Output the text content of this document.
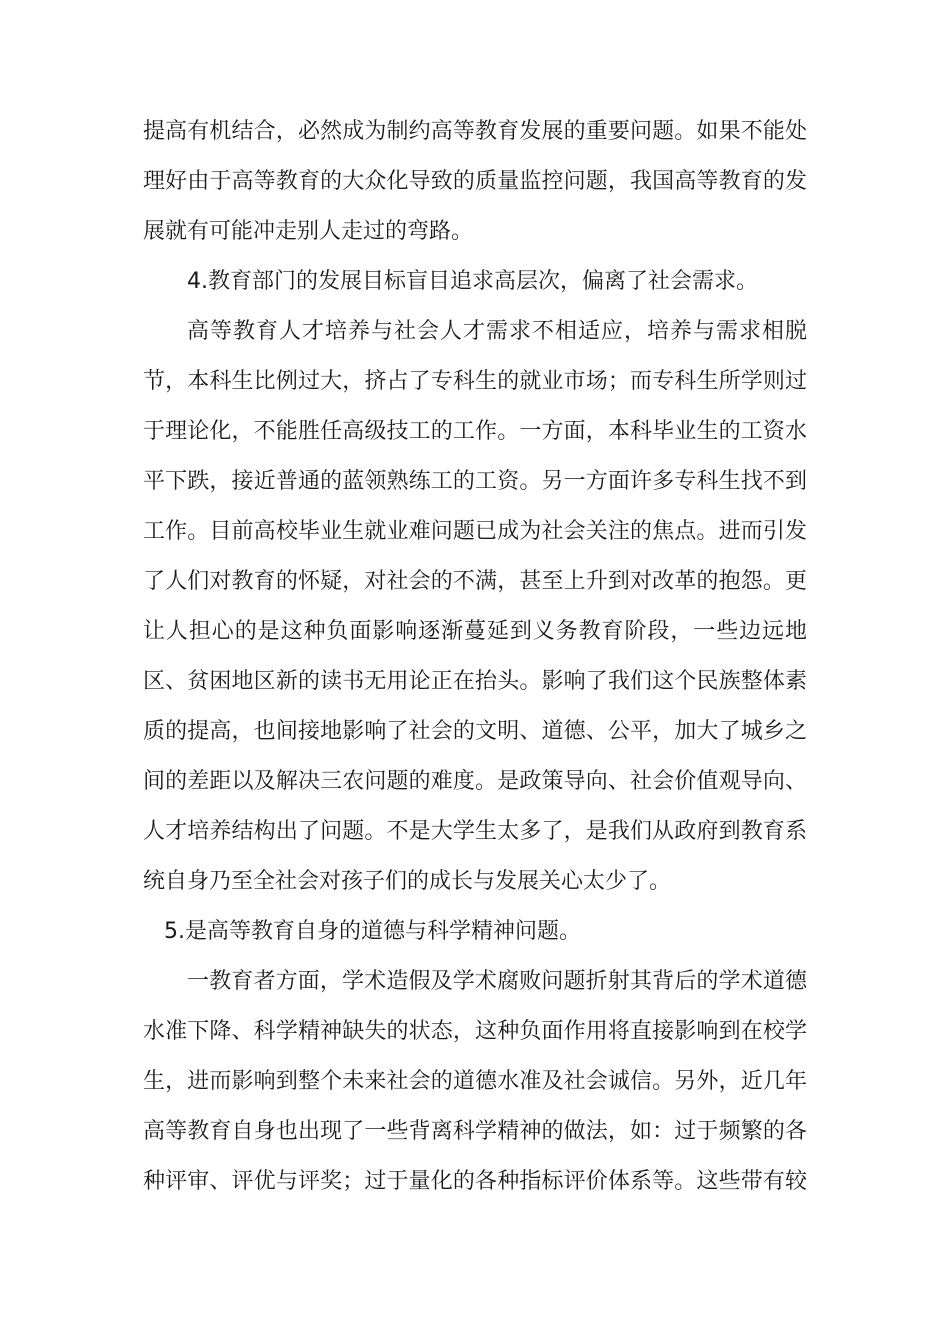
提高有机结合，必然成为制约高等教育发展的重要问题。如果不能处
理好由于高等教育的大众化导致的质量监控问题，我国高等教育的发
展就有可能冲走别人走过的弯路。
4.教育部门的发展目标盲目追求高层次，偏离了社会需求。
高等教育人才培养与社会人才需求不相适应，培养与需求相脱
节，本科生比例过大，挤占了专科生的就业市场；而专科生所学则过
于理论化，不能胜任高级技工的工作。一方面，本科毕业生的工资水
平下跌，接近普通的蓝领熟练工的工资。另一方面许多专科生找不到
工作。目前高校毕业生就业难问题已成为社会关注的焦点。进而引发
了人们对教育的怀疑，对社会的不满，甚至上升到对改革的抱怨。更
让人担心的是这种负面影响逐渐蔓延到义务教育阶段，一些边远地
区、贫困地区新的读书无用论正在抬头。影响了我们这个民族整体素
质的提高，也间接地影响了社会的文明、道德、公平，加大了城乡之
间的差距以及解决三农问题的难度。是政策导向、社会价值观导向、
人才培养结构出了问题。不是大学生太多了，是我们从政府到教育系
统自身乃至全社会对孩子们的成长与发展关心太少了。
5.是高等教育自身的道德与科学精神问题。
一教育者方面，学术造假及学术腐败问题折射其背后的学术道德
水准下降、科学精神缺失的状态，这种负面作用将直接影响到在校学
生，进而影响到整个未来社会的道德水准及社会诚信。另外，近几年
高等教育自身也出现了一些背离科学精神的做法，如：过于频繁的各
种评审、评优与评奖；过于量化的各种指标评价体系等。这些带有较
